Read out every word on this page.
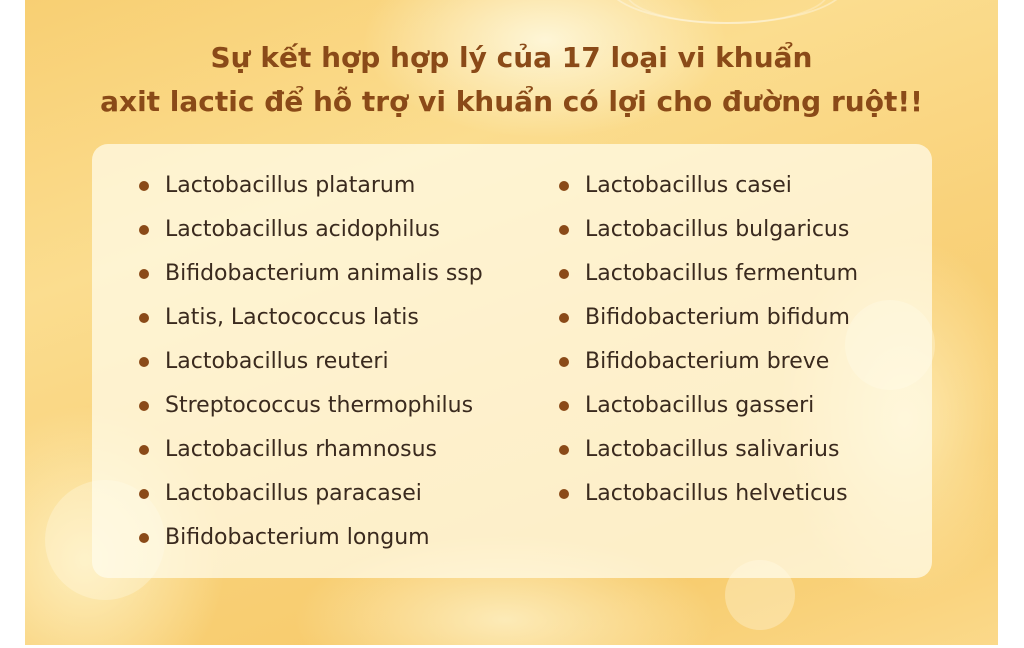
Sự kết hợp hợp lý của 17 loại vi khuẩn
axit lactic để hỗ trợ vi khuẩn có lợi cho đường ruột!!
Lactobacillus platarum
Lactobacillus acidophilus
Bifidobacterium animalis ssp
Latis, Lactococcus latis
Lactobacillus reuteri
Streptococcus thermophilus
Lactobacillus rhamnosus
Lactobacillus paracasei
Bifidobacterium longum
Lactobacillus casei
Lactobacillus bulgaricus
Lactobacillus fermentum
Bifidobacterium bifidum
Bifidobacterium breve
Lactobacillus gasseri
Lactobacillus salivarius
Lactobacillus helveticus
